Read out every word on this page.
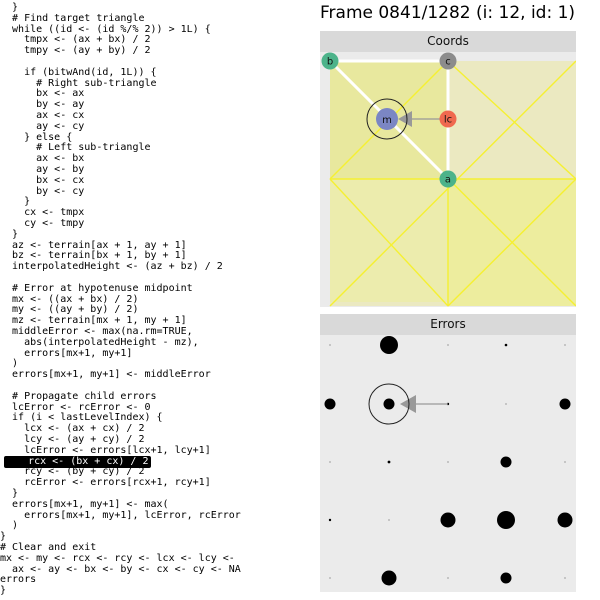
}
# Find target triangle
while ((id <- (id %/% 2)) > 1L) {
tmpx <- (ax + bx) / 2
tmpy <- (ay + by) / 2
if (bitwAnd(id, 1L)) {
# Right sub-triangle
bx <- ax
by <- ay
ax <- cx
ay <- cy
} else {
# Left sub-triangle
ax <- bx
ay <- by
bx <- cx
by <- cy
}
cx <- tmpx
cy <- tmpy
}
az <- terrain[ax + 1, ay + 1]
bz <- terrain[bx + 1, by + 1]
interpolatedHeight <- (az + bz) / 2
# Error at hypotenuse midpoint
mx <- ((ax + bx) / 2)
my <- ((ay + by) / 2)
mz <- terrain[mx + 1, my + 1]
middleError <- max(na.rm=TRUE,
abs(interpolatedHeight - mz),
errors[mx+1, my+1]
)
errors[mx+1, my+1] <- middleError
# Propagate child errors
lcError <- rcError <- 0
if (i < lastLevelIndex) {
lcx <- (ax + cx) / 2
lcy <- (ay + cy) / 2
lcError <- errors[lcx+1, lcy+1]
rcx <- (bx + cx) / 2
rcy <- (by + cy) / 2
rcError <- errors[rcx+1, rcy+1]
}
errors[mx+1, my+1] <- max(
errors[mx+1, my+1], lcError, rcError
)
}
# Clear and exit
mx <- my <- rcx <- rcy <- lcx <- lcy <-
ax <- ay <- bx <- by <- cx <- cy <- NA
errors
}
Frame 0841/1282 (i: 12, id: 1)
Coords
b	c
m	lc
a
Errors
